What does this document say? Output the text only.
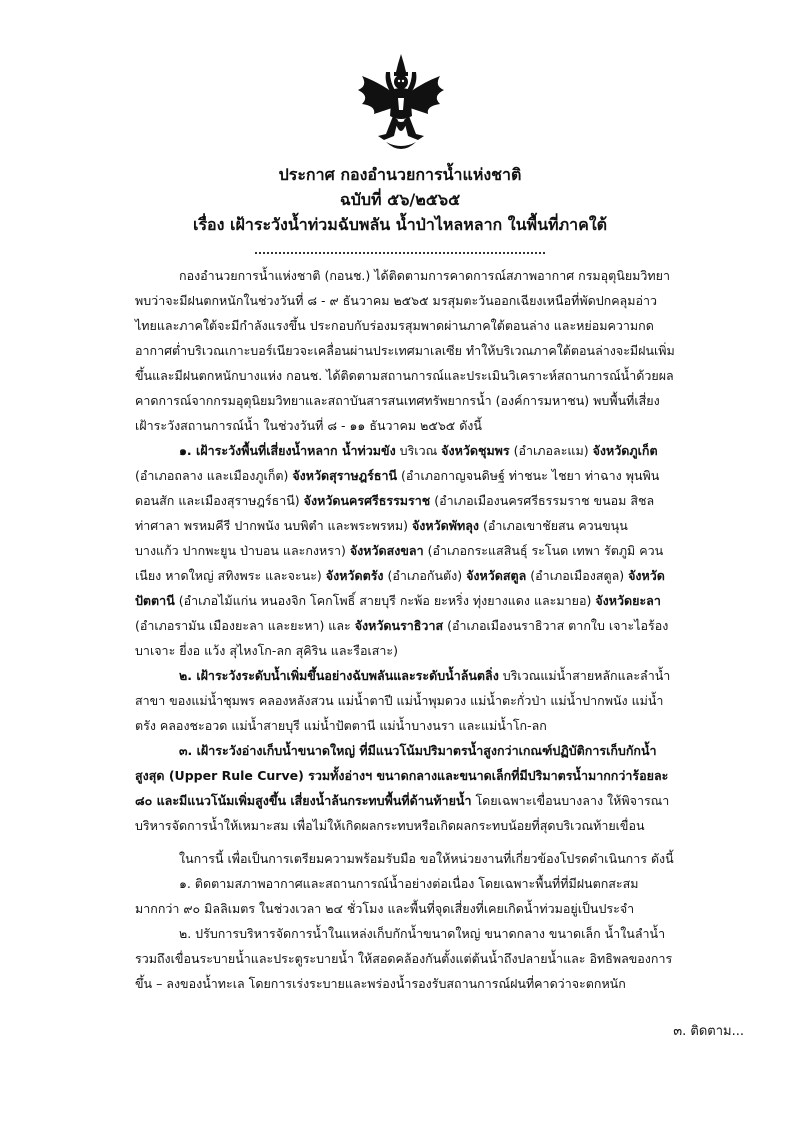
ประกาศ กองอำนวยการน้ำแห่งชาติ
ฉบับที่ ๕๖/๒๕๖๕
เรื่อง เฝ้าระวังน้ำท่วมฉับพลัน น้ำป่าไหลหลาก ในพื้นที่ภาคใต้

กองอำนวยการน้ำแห่งชาติ (กอนช.) ได้ติดตามการคาดการณ์สภาพอากาศ กรมอุตุนิยมวิทยา พบว่าจะมีฝนตกหนักในช่วงวันที่ ๘ - ๙ ธันวาคม ๒๕๖๕ มรสุมตะวันออกเฉียงเหนือที่พัดปกคลุมอ่าวไทยและภาคใต้จะมีกำลังแรงขึ้น ประกอบกับร่องมรสุมพาดผ่านภาคใต้ตอนล่าง และหย่อมความกดอากาศต่ำบริเวณเกาะบอร์เนียวจะเคลื่อนผ่านประเทศมาเลเซีย ทำให้บริเวณภาคใต้ตอนล่างจะมีฝนเพิ่มขึ้นและมีฝนตกหนักบางแห่ง กอนช. ได้ติดตามสถานการณ์และประเมินวิเคราะห์สถานการณ์น้ำด้วยผลคาดการณ์จากกรมอุตุนิยมวิทยาและสถาบันสารสนเทศทรัพยากรน้ำ (องค์การมหาชน) พบพื้นที่เสี่ยงเฝ้าระวังสถานการณ์น้ำ ในช่วงวันที่ ๘ - ๑๑ ธันวาคม ๒๕๖๕ ดังนี้

๑. เฝ้าระวังพื้นที่เสี่ยงน้ำหลาก น้ำท่วมขัง บริเวณ จังหวัดชุมพร (อำเภอละแม) จังหวัดภูเก็ต (อำเภอถลาง และเมืองภูเก็ต) จังหวัดสุราษฎร์ธานี (อำเภอกาญจนดิษฐ์ ท่าชนะ ไชยา ท่าฉาง พุนพิน ดอนสัก และเมืองสุราษฎร์ธานี) จังหวัดนครศรีธรรมราช (อำเภอเมืองนครศรีธรรมราช ขนอม สิชล ท่าศาลา พรหมคีรี ปากพนัง นบพิตำ และพระพรหม) จังหวัดพัทลุง (อำเภอเขาชัยสน ควนขนุน บางแก้ว ปากพะยูน ป่าบอน และกงหรา) จังหวัดสงขลา (อำเภอกระแสสินธุ์ ระโนด เทพา รัตภูมิ ควนเนียง หาดใหญ่ สทิงพระ และจะนะ) จังหวัดตรัง (อำเภอกันตัง) จังหวัดสตูล (อำเภอเมืองสตูล) จังหวัดปัตตานี (อำเภอไม้แก่น หนองจิก โคกโพธิ์ สายบุรี กะพ้อ ยะหริ่ง ทุ่งยางแดง และมายอ) จังหวัดยะลา (อำเภอรามัน เมืองยะลา และยะหา) และ จังหวัดนราธิวาส (อำเภอเมืองนราธิวาส ตากใบ เจาะไอร้อง บาเจาะ ยี่งอ แว้ง สุไหงโก-ลก สุคิริน และรือเสาะ)

๒. เฝ้าระวังระดับน้ำเพิ่มขึ้นอย่างฉับพลันและระดับน้ำล้นตลิ่ง บริเวณแม่น้ำสายหลักและลำน้ำสาขา ของแม่น้ำชุมพร คลองหลังสวน แม่น้ำตาปี แม่น้ำพุมดวง แม่น้ำตะกั่วป่า แม่น้ำปากพนัง แม่น้ำตรัง คลองชะอวด แม่น้ำสายบุรี แม่น้ำปัตตานี แม่น้ำบางนรา และแม่น้ำโก-ลก

๓. เฝ้าระวังอ่างเก็บน้ำขนาดใหญ่ ที่มีแนวโน้มปริมาตรน้ำสูงกว่าเกณฑ์ปฏิบัติการเก็บกักน้ำสูงสุด (Upper Rule Curve) รวมทั้งอ่างฯ ขนาดกลางและขนาดเล็กที่มีปริมาตรน้ำมากกว่าร้อยละ ๘๐ และมีแนวโน้มเพิ่มสูงขึ้น เสี่ยงน้ำล้นกระทบพื้นที่ด้านท้ายน้ำ โดยเฉพาะเขื่อนบางลาง ให้พิจารณาบริหารจัดการน้ำให้เหมาะสม เพื่อไม่ให้เกิดผลกระทบหรือเกิดผลกระทบน้อยที่สุดบริเวณท้ายเขื่อน

ในการนี้ เพื่อเป็นการเตรียมความพร้อมรับมือ ขอให้หน่วยงานที่เกี่ยวข้องโปรดดำเนินการ ดังนี้

๑. ติดตามสภาพอากาศและสถานการณ์น้ำอย่างต่อเนื่อง โดยเฉพาะพื้นที่ที่มีฝนตกสะสมมากกว่า ๙๐ มิลลิเมตร ในช่วงเวลา ๒๔ ชั่วโมง และพื้นที่จุดเสี่ยงที่เคยเกิดน้ำท่วมอยู่เป็นประจำ

๒. ปรับการบริหารจัดการน้ำในแหล่งเก็บกักน้ำขนาดใหญ่ ขนาดกลาง ขนาดเล็ก น้ำในลำน้ำ รวมถึงเขื่อนระบายน้ำและประตูระบายน้ำ ให้สอดคล้องกันตั้งแต่ต้นน้ำถึงปลายน้ำและ อิทธิพลของการขึ้น – ลงของน้ำทะเล โดยการเร่งระบายและพร่องน้ำรองรับสถานการณ์ฝนที่คาดว่าจะตกหนัก

๓. ติดตาม...
